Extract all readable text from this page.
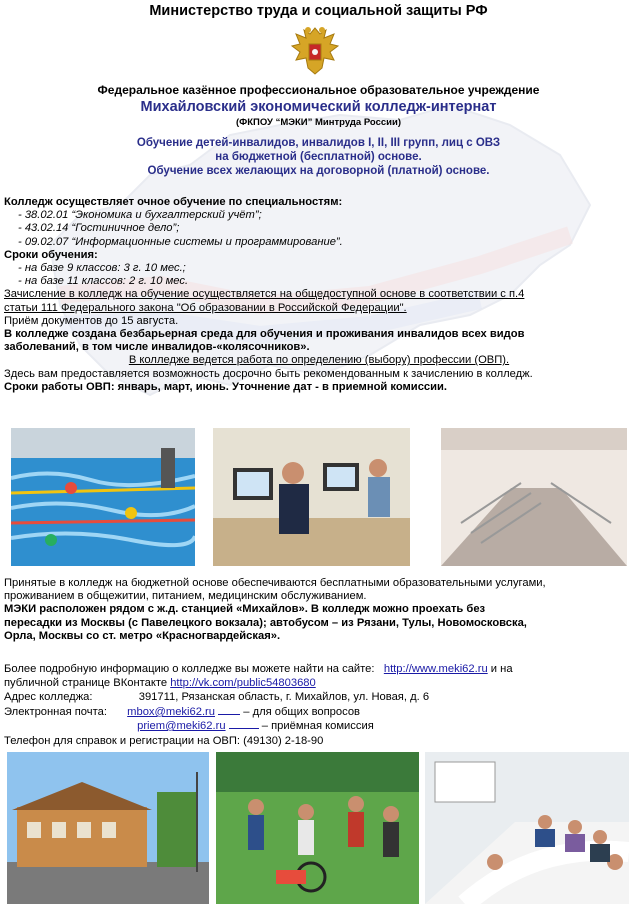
Министерство труда и социальной защиты РФ
Федеральное казённое профессиональное образовательное учреждение
Михайловский экономический колледж-интернат
(ФКПОУ “МЭКИ” Минтруда России)
Обучение детей-инвалидов, инвалидов I, II, III групп, лиц с ОВЗ
на бюджетной (бесплатной) основе.
Обучение всех желающих на договорной (платной) основе.
Колледж осуществляет очное обучение по специальностям:
- 38.02.01 “Экономика и бухгалтерский учёт”;
- 43.02.14 “Гостиничное дело”;
- 09.02.07 “Информационные системы и программирование”.
Сроки обучения:
- на базе 9 классов: 3 г. 10 мес.;
- на базе 11 классов: 2 г. 10 мес.
Зачисление в колледж на обучение осуществляется на общедоступной основе в соответствии с п.4
статьи 111 Федерального закона "Об образовании в Российской Федерации".
Приём документов до 15 августа.
В колледже создана безбарьерная среда для обучения и проживания инвалидов всех видов
заболеваний, в том числе инвалидов-«колясочников».
В колледже ведется работа по определению (выбору) профессии (ОВП).
Здесь вам предоставляется возможность досрочно быть рекомендованным к зачислению в колледж.
Сроки работы ОВП: январь, март, июнь. Уточнение дат - в приемной комиссии.
Принятые в колледж на бюджетной основе обеспечиваются бесплатными образовательными услугами,
проживанием в общежитии, питанием, медицинским обслуживанием.
МЭКИ расположен рядом с ж.д. станцией «Михайлов». В колледж можно проехать без
пересадки из Москвы (с Павелецкого вокзала); автобусом – из Рязани, Тулы, Новомосковска,
Орла, Москвы со ст. метро «Красногвардейская».
Более подробную информацию о колледже вы можете найти на сайте: http://www.meki62.ru и на
публичной странице ВКонтакте http://vk.com/public54803680
Адрес колледжа:	391711, Рязанская область, г. Михайлов, ул. Новая, д. 6
Электронная почта: mbox@meki62.ru	– для общих вопросов
priem@meki62.ru	– приёмная комиссия
Телефон для справок и регистрации на ОВП: (49130) 2-18-90
